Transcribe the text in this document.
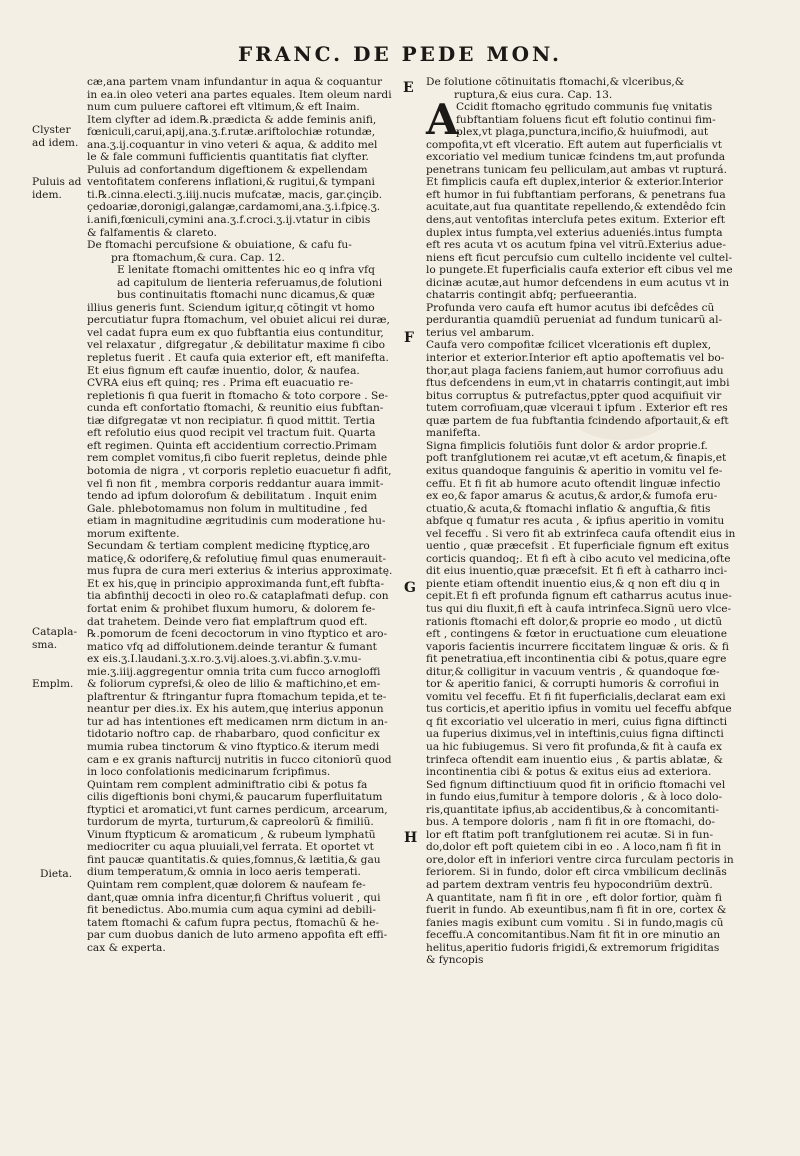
FRANC. DE PEDE MON.
Clyster ad idem.
Puluis ad idem.
Cataplasma.
Emplm.
Dieta.
E
F
G
H
cæ,ana partem vnam infundantur in aqua & coquantur
in ea.in oleo veteri ana partes equales. Item oleum nardi
num cum puluere caftorei eft vltimum,& eft Inaim.
Item clyfter ad idem.℞.prædicta & adde feminis anifi,
fœniculi,carui,apij,ana.ʒ.f.rutæ.ariftolochiæ rotundæ,
ana.ʒ.ij.coquantur in vino veteri & aqua, & addito mel
le & fale communi fufficientis quantitatis fiat clyfter.
Puluis ad confortandum digeftionem & expellendam
ventofitatem conferens inflationi,& rugitui,& tympani
ti.℞.cinna.electi.ʒ.iiij.nucis mufcatæ, macis, gar.çinçib.
çedoariæ,doronigi,galangæ,cardamomi,ana.ʒ.i.fpicę.ʒ.
i.anifi,fœniculi,cymini ana.ʒ.f.croci.ʒ.ij.vtatur in cibis
& falfamentis & clareto.
De ftomachi percufsione & obuiatione, & cafu fu-
pra ftomachum,& cura. Cap. 12.
E lenitate ftomachi omittentes hic eo q infra vfq
ad capitulum de lienteria referuamus,de folutioni
bus continuitatis ftomachi nunc dicamus,& quæ
illius generis funt. Sciendum igitur,q cõtingit vt homo
percutiatur fupra ftomachum, vel obuiet alicui rei duræ,
vel cadat fupra eum ex quo fubftantia eius contunditur,
vel relaxatur , difgregatur ,& debilitatur maxime fi cibo
repletus fuerit . Et caufa quia exterior eft, eft manifefta.
Et eius fignum eft caufæ inuentio, dolor, & naufea.
CVRA eius eft quinq; res . Prima eft euacuatio re-
repletionis fi qua fuerit in ftomacho & toto corpore . Se-
cunda eft confortatio ftomachi, & reunitio eius fubftan-
tiæ difgregatæ vt non recipiatur. fi quod mittit. Tertia
eft refolutio eius quod recipit vel tractum fuit. Quarta
eft regimen. Quinta eft accidentium correctio.Primam
rem complet vomitus,fi cibo fuerit repletus, deinde phle
botomia de nigra , vt corporis repletio euacuetur fi adfit,
vel fi non fit , membra corporis reddantur auara immit-
tendo ad ipfum dolorofum & debilitatum . Inquit enim
Gale. phlebotomamus non folum in multitudine , fed
etiam in magnitudine ægritudinis cum moderatione hu-
morum exiftente.
Secundam & tertiam complent medicinę ftypticę,aro
maticę,& odoriferę,& refolutiuę fimul quas enumerauit-
mus fupra de cura meri exterius & interius approximatę.
Et ex his,quę in principio approximanda funt,eft fubfta-
tia abfinthij decocti in oleo ro.& cataplafmati defup. con
fortat enim & prohibet fluxum humoru, & dolorem fe-
dat trahetem. Deinde vero fiat emplaftrum quod eft.
℞.pomorum de fceni decoctorum in vino ftyptico et aro-
matico vfq ad diffolutionem.deinde terantur & fumant
ex eis.ʒ.I.laudani.ʒ.x.ro.ʒ.vij.aloes.ʒ.vi.abfin.ʒ.v.mu-
mie.ʒ.iiij.aggregentur omnia trita cum fucco arnogloffi
& foliorum cyprefsi,& oleo de lilio & maftichino,et em-
plaftrentur & ftringantur fupra ftomachum tepida,et te-
neantur per dies.ix. Ex his autem,quę interius apponun
tur ad has intentiones eft medicamen nrm dictum in an-
tidotario noftro cap. de rhabarbaro, quod conficitur ex
mumia rubea tinctorum & vino ftyptico.& iterum medi
cam e ex granis nafturcij nutritis in fucco citoniorũ quod
in loco confolationis medicinarum fcripfimus.
Quintam rem complent adminiftratio cibi & potus fa
cilis digeftionis boni chymi,& paucarum fuperfluitatum
ftyptici et aromatici,vt funt carnes perdicum, arcearum,
turdorum de myrta, turturum,& capreolorũ & fimiliũ.
Vinum ftypticum & aromaticum , & rubeum lymphatũ
mediocriter cu aqua pluuiali,vel ferrata. Et oportet vt
fint paucæ quantitatis.& quies,fomnus,& lætitia,& gau
dium temperatum,& omnia in loco aeris temperati.
Quintam rem complent,quæ dolorem & naufeam fe-
dant,quæ omnia infra dicentur,fi Chriftus voluerit , qui
fit benedictus. Abo.mumia cum aqua cymini ad debili-
tatem ftomachi & cafum fupra pectus, ftomachũ & he-
par cum duobus danich de luto armeno appofita eft effi-
cax & experta.
De folutione cõtinuitatis ftomachi,& vlceribus,&
ruptura,& eius cura. Cap. 13.
A
Ccidit ftomacho ęgritudo communis fuę vnitatis
fubftantiam foluens ficut eft folutio continui fim-
plex,vt plaga,punctura,incifio,& huiufmodi, aut
compofita,vt eft vlceratio. Eft autem aut fuperficialis vt
excoriatio vel medium tunicæ fcindens tm,aut profunda
penetrans tunicam feu pelliculam,aut ambas vt rupturá.
Et fimplicis caufa eft duplex,interior & exterior.Interior
eft humor in fui fubftantiam perforans, & penetrans fua
acuitate,aut fua quantitate repellendo,& extendêdo fcin
dens,aut ventofitas interclufa petes exitum. Exterior eft
duplex intus fumpta,vel exterius adueniés.intus fumpta
eft res acuta vt os acutum fpina vel vitrũ.Exterius adue-
niens eft ficut percufsio cum cultello incidente vel cultel-
lo pungete.Et fuperficialis caufa exterior eft cibus vel me
dicinæ acutæ,aut humor defcendens in eum acutus vt in
chatarris contingit abfq; perfueerantia.
Profunda vero caufa eft humor acutus ibi defcêdes cũ
perdurantia quamdiũ perueniat ad fundum tunicarũ al-
terius vel ambarum.
Caufa vero compofitæ fcilicet vlcerationis eft duplex,
interior et exterior.Interior eft aptio apoftematis vel bo-
thor,aut plaga faciens faniem,aut humor corrofiuus adu
ftus defcendens in eum,vt in chatarris contingit,aut imbi
bitus corruptus & putrefactus,ppter quod acquifiuit vir
tutem corrofiuam,quæ vlceraui t ipfum . Exterior eft res
quæ partem de fua fubftantia fcindendo afportauit,& eft
manifefta.
Signa fimplicis folutiõis funt dolor & ardor proprie.f.
poft tranfglutionem rei acutæ,vt eft acetum,& finapis,et
exitus quandoque fanguinis & aperitio in vomitu vel fe-
ceffu. Et fi fit ab humore acuto oftendit linguæ infectio
ex eo,& fapor amarus & acutus,& ardor,& fumofa eru-
ctuatio,& acuta,& ftomachi inflatio & anguftia,& fitis
abfque q fumatur res acuta , & ipfius aperitio in vomitu
vel feceffu . Si vero fit ab extrinfeca caufa oftendit eius in
uentio , quæ præcefsit . Et fuperficiale fignum eft exitus
corticis quandoq;. Et fi eft à cibo acuto vel medicina,ofte
dit eius inuentio,quæ præcefsit. Et fi eft à catharro inci-
piente etiam oftendit inuentio eius,& q non eft diu q in
cepit.Et fi eft profunda fignum eft catharrus acutus inue-
tus qui diu fluxit,fi eft à caufa intrinfeca.Signũ uero vlce-
rationis ftomachi eft dolor,& proprie eo modo , ut dictũ
eft , contingens & fœtor in eructuatione cum eleuatione
vaporis facientis incurrere ficcitatem linguæ & oris. & fi
fit penetratiua,eft incontinentia cibi & potus,quare egre
ditur,& colligitur in vacuum ventris , & quandoque fœ-
tor & aperitio fanici, & corrupti humoris & corrofiui in
vomitu vel feceffu. Et fi fit fuperficialis,declarat eam exi
tus corticis,et aperitio ipfius in vomitu uel feceffu abfque
q fit excoriatio vel ulceratio in meri, cuius figna diftincti
ua fuperius diximus,vel in inteftinis,cuius figna diftincti
ua hic fubiugemus. Si vero fit profunda,& fit à caufa ex
trinfeca oftendit eam inuentio eius , & partis ablatæ, &
incontinentia cibi & potus & exitus eius ad exteriora.
Sed fignum diftinctiuum quod fit in orificio ftomachi vel
in fundo eius,fumitur à tempore doloris , & à loco dolo-
ris,quantitate ipfius,ab accidentibus,& à concomitanti-
bus. A tempore doloris , nam fi fit in ore ftomachi, do-
lor eft ftatim poft tranfglutionem rei acutæ. Si in fun-
do,dolor eft poft quietem cibi in eo . A loco,nam fi fit in
ore,dolor eft in inferiori ventre circa furculam pectoris in
feriorem. Si in fundo, dolor eft circa vmbilicum declinãs
ad partem dextram ventris feu hypocondriũm dextrũ.
A quantitate, nam fi fit in ore , eft dolor fortior, quàm fi
fuerit in fundo. Ab exeuntibus,nam fi fit in ore, cortex &
fanies magis exibunt cum vomitu . Si in fundo,magis cũ
feceffu.A concomitantibus.Nam fit fit in ore minutio an
helitus,aperitio fudoris frigidi,& extremorum frigiditas
& fyncopis
